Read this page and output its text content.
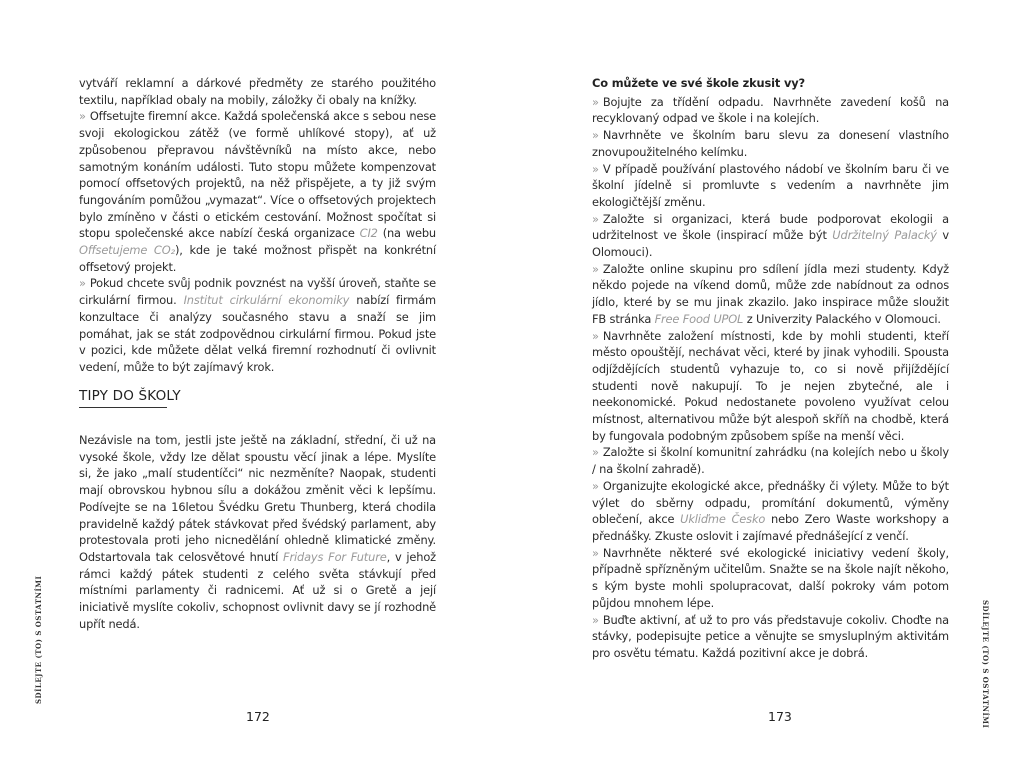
vytváří reklamní a dárkové předměty ze starého použitého textilu, například obaly na mobily, záložky či obaly na knížky.

» Offsetujte firemní akce. Každá společenská akce s sebou nese svoji ekologickou zátěž (ve formě uhlíkové stopy), ať už způsobenou přepravou návštěvníků na místo akce, nebo samotným konáním události. Tuto stopu můžete kompenzovat pomocí offsetových projektů, na něž přispějete, a ty již svým fungováním pomůžou „vymazat“. Více o offsetových projektech bylo zmíněno v části o etickém cestování. Možnost spočítat si stopu společenské akce nabízí česká organizace CI2 (na webu Offsetujeme CO₂), kde je také možnost přispět na konkrétní offsetový projekt.

» Pokud chcete svůj podnik povznést na vyšší úroveň, staňte se cirkulární firmou. Institut cirkulární ekonomiky nabízí firmám konzultace či analýzy současného stavu a snaží se jim pomáhat, jak se stát zodpovědnou cirkulární firmou. Pokud jste v pozici, kde můžete dělat velká firemní rozhodnutí či ovlivnit vedení, může to být zajímavý krok.

TIPY DO ŠKOLY

Nezávisle na tom, jestli jste ještě na základní, střední, či už na vysoké škole, vždy lze dělat spoustu věcí jinak a lépe. Myslíte si, že jako „malí studentíčci“ nic nezměníte? Naopak, studenti mají obrovskou hybnou sílu a dokážou změnit věci k lepšímu. Podívejte se na 16letou Švédku Gretu Thunberg, která chodila pravidelně každý pátek stávkovat před švédský parlament, aby protestovala proti jeho nicnedělání ohledně klimatické změny. Odstartovala tak celosvětové hnutí Fridays For Future, v jehož rámci každý pátek studenti z celého světa stávkují před místními parlamenty či radnicemi. Ať už si o Gretě a její iniciativě myslíte cokoliv, schopnost ovlivnit davy se jí rozhodně upřít nedá.

SDÍLEJTE (TO) S OSTATNÍMI
172

Co můžete ve své škole zkusit vy?

» Bojujte za třídění odpadu. Navrhněte zavedení košů na recyklovaný odpad ve škole i na kolejích.

» Navrhněte ve školním baru slevu za donesení vlastního znovupoužitelného kelímku.

» V případě používání plastového nádobí ve školním baru či ve školní jídelně si promluvte s vedením a navrhněte jim ekologičtější změnu.

» Založte si organizaci, která bude podporovat ekologii a udržitelnost ve škole (inspirací může být Udržitelný Palacký v Olomouci).

» Založte online skupinu pro sdílení jídla mezi studenty. Když někdo pojede na víkend domů, může zde nabídnout za odnos jídlo, které by se mu jinak zkazilo. Jako inspirace může sloužit FB stránka Free Food UPOL z Univerzity Palackého v Olomouci.

» Navrhněte založení místnosti, kde by mohli studenti, kteří město opouštějí, nechávat věci, které by jinak vyhodili. Spousta odjíždějících studentů vyhazuje to, co si nově přijíždějící studenti nově nakupují. To je nejen zbytečné, ale i neekonomické. Pokud nedostanete povoleno využívat celou místnost, alternativou může být alespoň skříň na chodbě, která by fungovala podobným způsobem spíše na menší věci.

» Založte si školní komunitní zahrádku (na kolejích nebo u školy / na školní zahradě).

» Organizujte ekologické akce, přednášky či výlety. Může to být výlet do sběrny odpadu, promítání dokumentů, výměny oblečení, akce Ukliďme Česko nebo Zero Waste workshopy a přednášky. Zkuste oslovit i zajímavé přednášející z venčí.

» Navrhněte některé své ekologické iniciativy vedení školy, případně spřízněným učitelům. Snažte se na škole najít někoho, s kým byste mohli spolupracovat, další pokroky vám potom půjdou mnohem lépe.

» Buďte aktivní, ať už to pro vás představuje cokoliv. Choďte na stávky, podepisujte petice a věnujte se smysluplným aktivitám pro osvětu tématu. Každá pozitivní akce je dobrá.	SDÍLEJTE (TO) S OSTATNÍMI
173
